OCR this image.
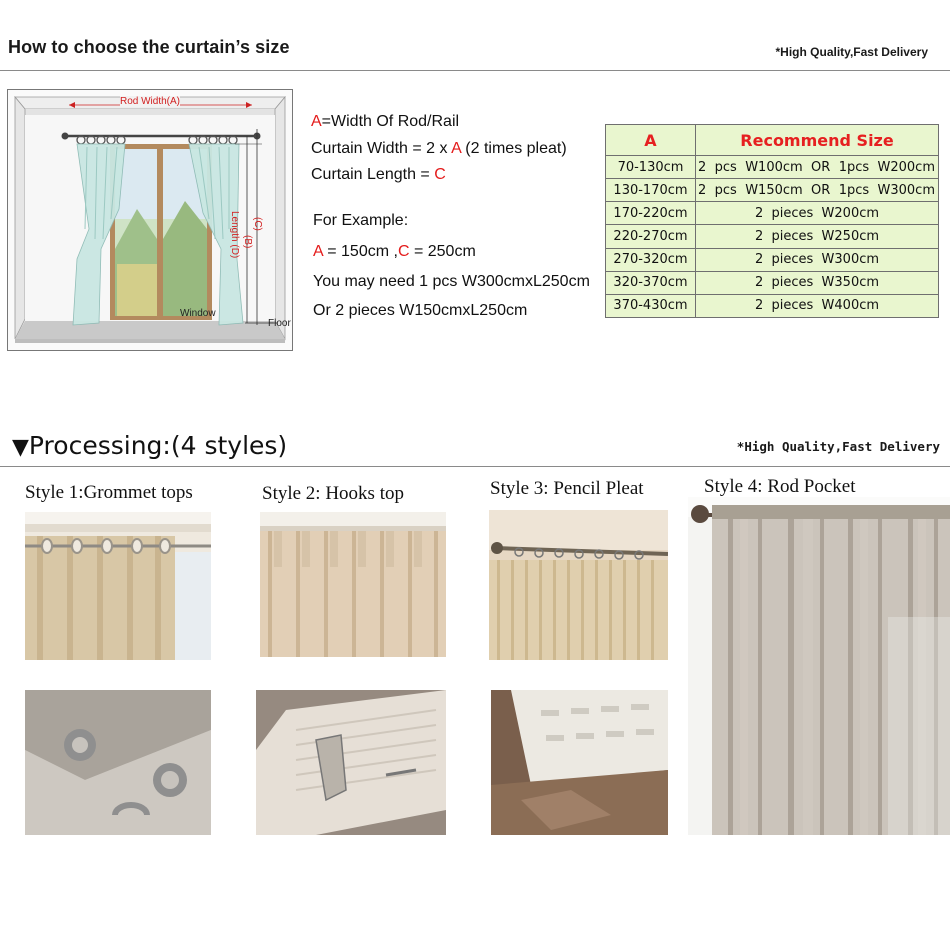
How to choose the curtain’s size	*High Quality,Fast Delivery
Rod Width(A)
Length (D) (C)
(B)
Window
Floor
A=Width Of Rod/Rail
Curtain Width = 2 x A (2 times pleat)
Curtain Length = C
For Example:
A = 150cm ,C = 250cm
You may need 1 pcs W300cmxL250cm
Or 2 pieces W150cmxL250cm
A	Recommend Size
70-130cm	2 pcs W100cm OR 1pcs W200cm
130-170cm	2 pcs W150cm OR 1pcs W300cm
170-220cm	2  pieces  W200cm
220-270cm	2  pieces  W250cm
270-320cm	2  pieces  W300cm
320-370cm	2  pieces  W350cm
370-430cm	2  pieces  W400cm
▼Processing:(4 styles)	*High Quality,Fast Delivery
Style 1:Grommet tops	Style 2: Hooks top	Style 3: Pencil Pleat	Style 4: Rod Pocket
